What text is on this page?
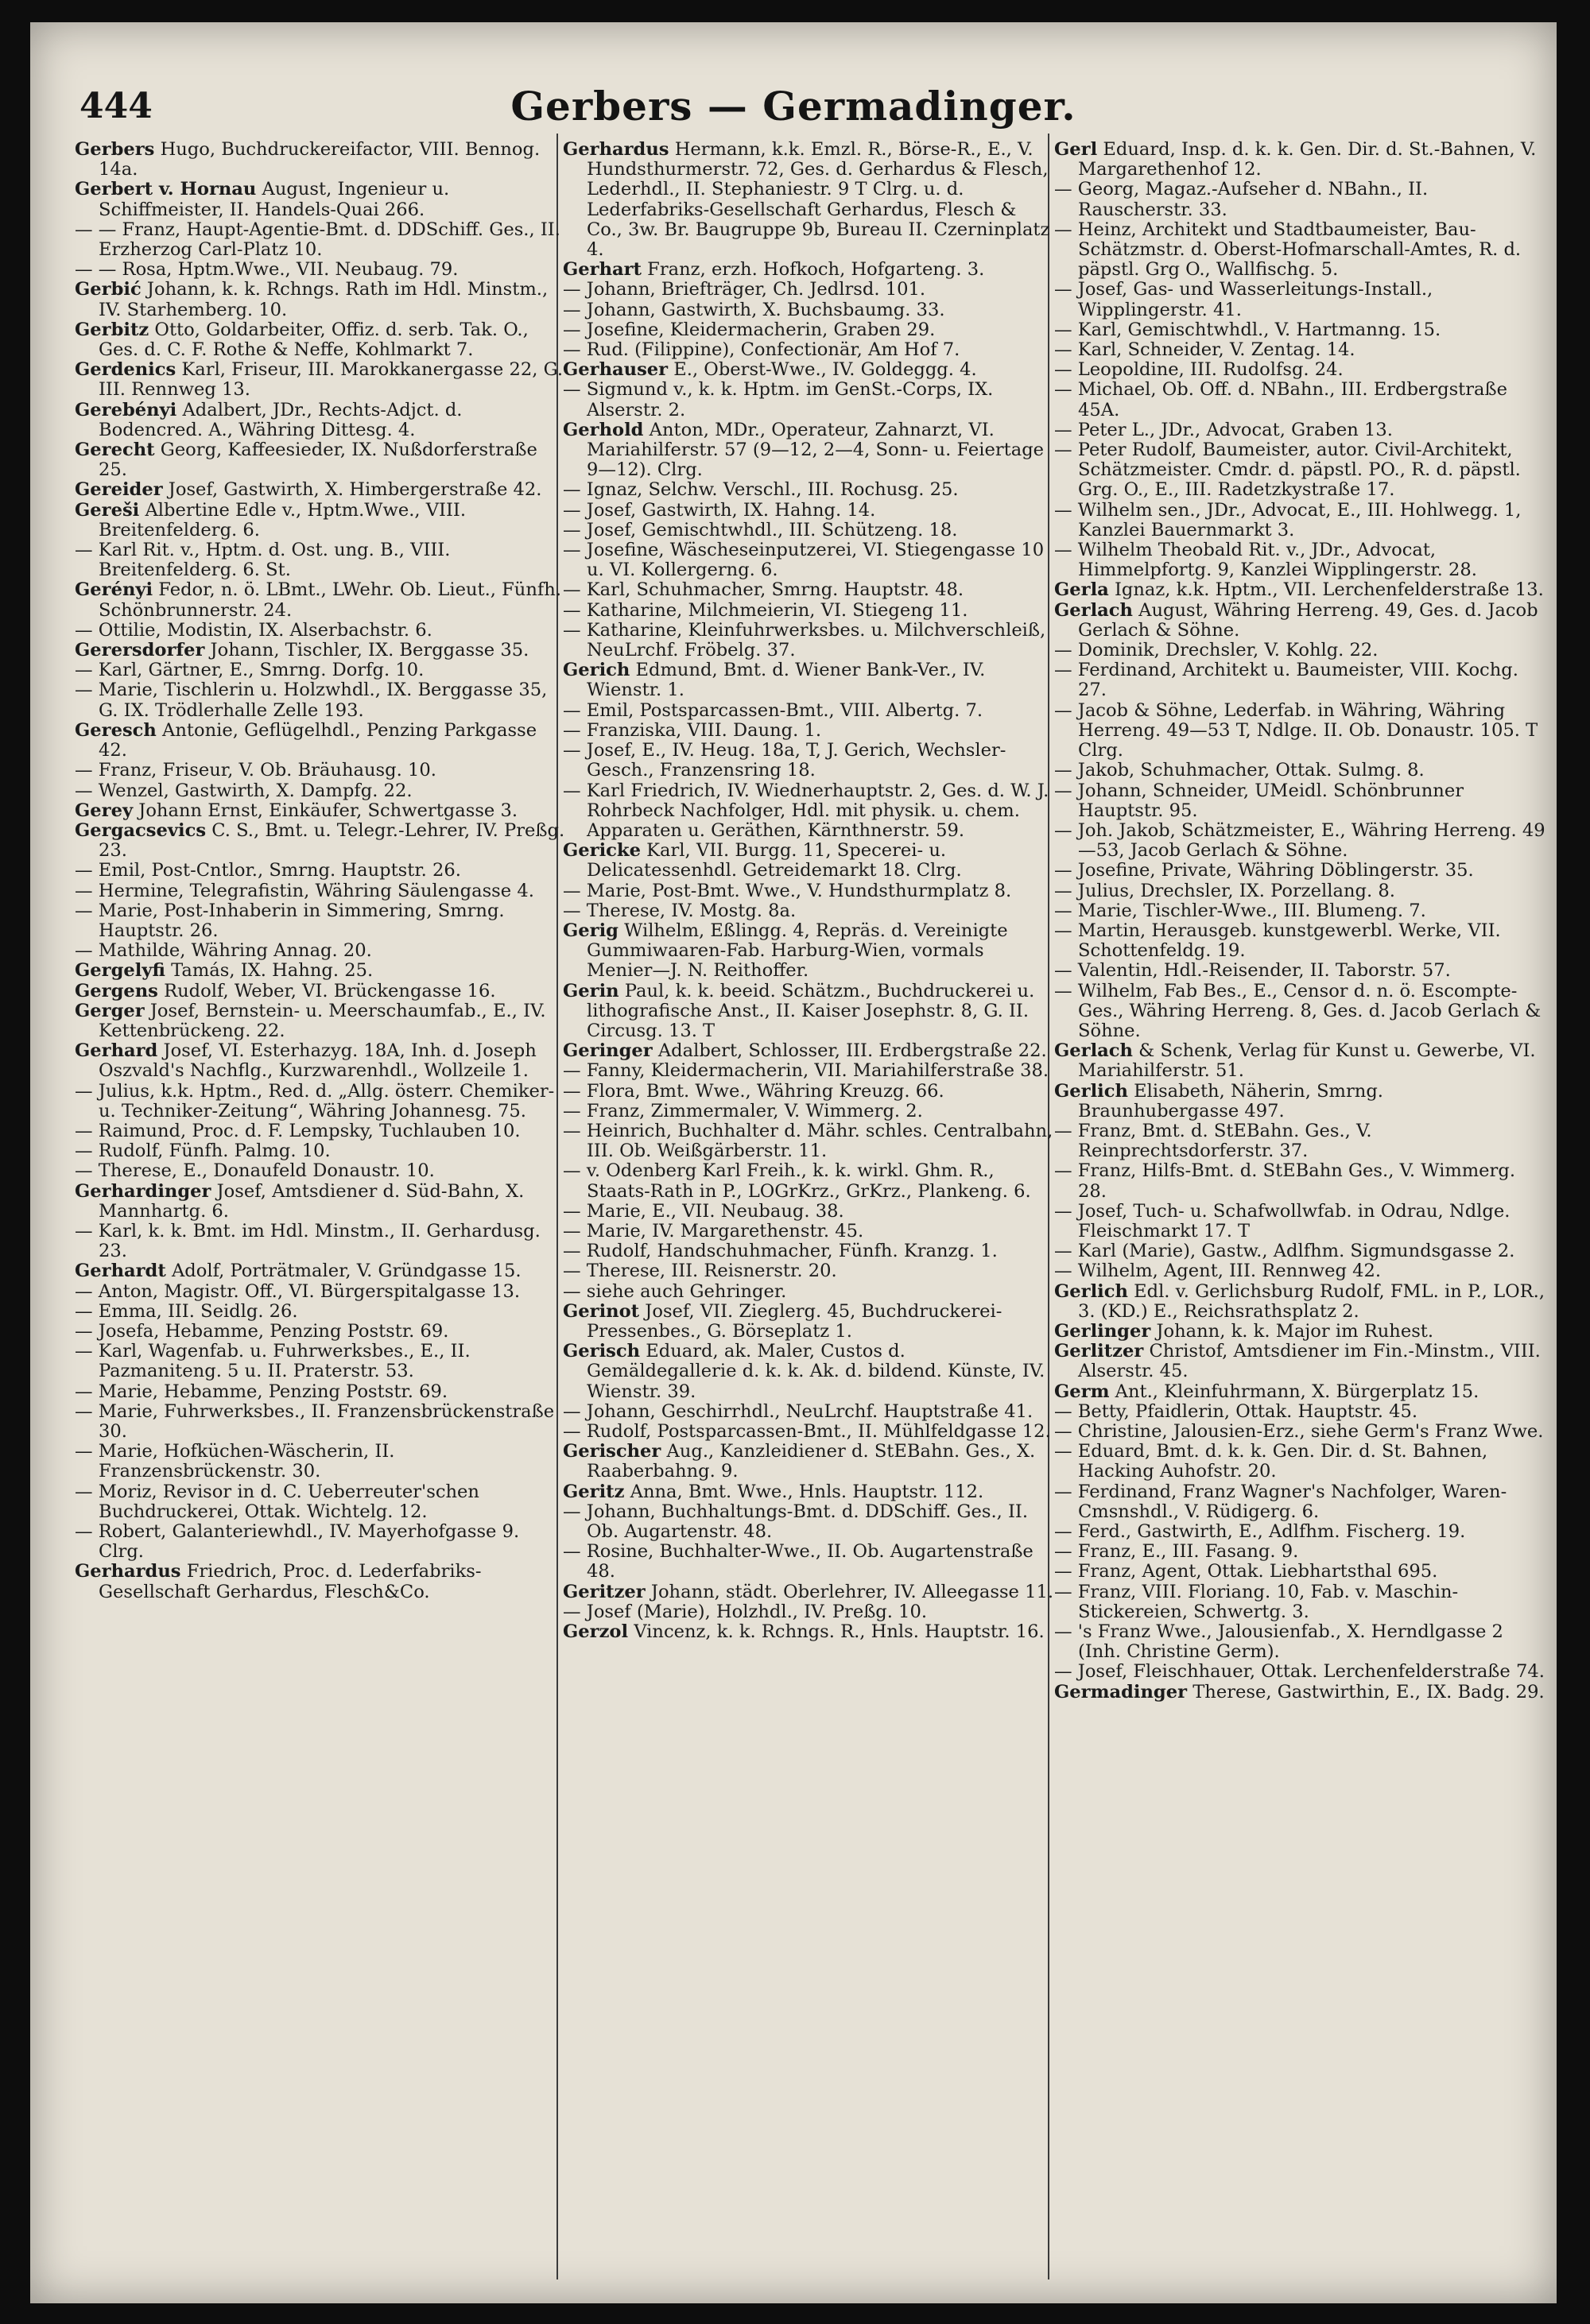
444	Gerbers — Germadinger.

Gerbers Hugo, Buchdruckereifactor, VIII. Bennog. 14a.

Gerbert v. Hornau August, Ingenieur u. Schiffmeister, II. Handels-Quai 266.

— — Franz, Haupt-Agentie-Bmt. d. DDSchiff. Ges., II. Erzherzog Carl-Platz 10.

— — Rosa, Hptm.Wwe., VII. Neubaug. 79.

Gerbić Johann, k. k. Rchngs. Rath im Hdl. Minstm., IV. Starhemberg. 10.

Gerbitz Otto, Goldarbeiter, Offiz. d. serb. Tak. O., Ges. d. C. F. Rothe & Neffe, Kohlmarkt 7.

Gerdenics Karl, Friseur, III. Marokkanergasse 22, G. III. Rennweg 13.

Gerebényi Adalbert, JDr., Rechts-Adjct. d. Bodencred. A., Währing Dittesg. 4.

Gerecht Georg, Kaffeesieder, IX. Nußdorferstraße 25.

Gereider Josef, Gastwirth, X. Himbergerstraße 42.

Gereši Albertine Edle v., Hptm.Wwe., VIII. Breitenfelderg. 6.

— Karl Rit. v., Hptm. d. Ost. ung. B., VIII. Breitenfelderg. 6. St.

Gerényi Fedor, n. ö. LBmt., LWehr. Ob. Lieut., Fünfh. Schönbrunnerstr. 24.

— Ottilie, Modistin, IX. Alserbachstr. 6.

Gerersdorfer Johann, Tischler, IX. Berggasse 35.

— Karl, Gärtner, E., Smrng. Dorfg. 10.

— Marie, Tischlerin u. Holzwhdl., IX. Berggasse 35, G. IX. Trödlerhalle Zelle 193.

Geresch Antonie, Geflügelhdl., Penzing Parkgasse 42.

— Franz, Friseur, V. Ob. Bräuhausg. 10.

— Wenzel, Gastwirth, X. Dampfg. 22.

Gerey Johann Ernst, Einkäufer, Schwertgasse 3.

Gergacsevics C. S., Bmt. u. Telegr.-Lehrer, IV. Preßg. 23.

— Emil, Post-Cntlor., Smrng. Hauptstr. 26.

— Hermine, Telegrafistin, Währing Säulengasse 4.

— Marie, Post-Inhaberin in Simmering, Smrng. Hauptstr. 26.

— Mathilde, Währing Annag. 20.

Gergelyfi Tamás, IX. Hahng. 25.

Gergens Rudolf, Weber, VI. Brückengasse 16.

Gerger Josef, Bernstein- u. Meerschaumfab., E., IV. Kettenbrückeng. 22.

Gerhard Josef, VI. Esterhazyg. 18A, Inh. d. Joseph Oszvald's Nachflg., Kurzwarenhdl., Wollzeile 1.

— Julius, k.k. Hptm., Red. d. „Allg. österr. Chemiker- u. Techniker-Zeitung“, Währing Johannesg. 75.

— Raimund, Proc. d. F. Lempsky, Tuchlauben 10.

— Rudolf, Fünfh. Palmg. 10.

— Therese, E., Donaufeld Donaustr. 10.

Gerhardinger Josef, Amtsdiener d. Süd-Bahn, X. Mannhartg. 6.

— Karl, k. k. Bmt. im Hdl. Minstm., II. Gerhardusg. 23.

Gerhardt Adolf, Porträtmaler, V. Gründgasse 15.

— Anton, Magistr. Off., VI. Bürgerspitalgasse 13.

— Emma, III. Seidlg. 26.

— Josefa, Hebamme, Penzing Poststr. 69.

— Karl, Wagenfab. u. Fuhrwerksbes., E., II. Pazmaniteng. 5 u. II. Praterstr. 53.

— Marie, Hebamme, Penzing Poststr. 69.

— Marie, Fuhrwerksbes., II. Franzensbrückenstraße 30.

— Marie, Hofküchen-Wäscherin, II. Franzensbrückenstr. 30.

— Moriz, Revisor in d. C. Ueberreuter'schen Buchdruckerei, Ottak. Wichtelg. 12.

— Robert, Galanteriewhdl., IV. Mayerhofgasse 9. Clrg.

Gerhardus Friedrich, Proc. d. Lederfabriks-Gesellschaft Gerhardus, Flesch&Co.

Gerhardus Hermann, k.k. Emzl. R., Börse-R., E., V. Hundsthurmerstr. 72, Ges. d. Gerhardus & Flesch, Lederhdl., II. Stephaniestr. 9 T Clrg. u. d. Lederfabriks-Gesellschaft Gerhardus, Flesch & Co., 3w. Br. Baugruppe 9b, Bureau II. Czerninplatz 4.

Gerhart Franz, erzh. Hofkoch, Hofgarteng. 3.

— Johann, Briefträger, Ch. Jedlrsd. 101.

— Johann, Gastwirth, X. Buchsbaumg. 33.

— Josefine, Kleidermacherin, Graben 29.

— Rud. (Filippine), Confectionär, Am Hof 7.

Gerhauser E., Oberst-Wwe., IV. Goldeggg. 4.

— Sigmund v., k. k. Hptm. im GenSt.-Corps, IX. Alserstr. 2.

Gerhold Anton, MDr., Operateur, Zahnarzt, VI. Mariahilferstr. 57 (9—12, 2—4, Sonn- u. Feiertage 9—12). Clrg.

— Ignaz, Selchw. Verschl., III. Rochusg. 25.

— Josef, Gastwirth, IX. Hahng. 14.

— Josef, Gemischtwhdl., III. Schützeng. 18.

— Josefine, Wäscheseinputzerei, VI. Stiegengasse 10 u. VI. Kollergerng. 6.

— Karl, Schuhmacher, Smrng. Hauptstr. 48.

— Katharine, Milchmeierin, VI. Stiegeng 11.

— Katharine, Kleinfuhrwerksbes. u. Milchverschleiß, NeuLrchf. Fröbelg. 37.

Gerich Edmund, Bmt. d. Wiener Bank-Ver., IV. Wienstr. 1.

— Emil, Postsparcassen-Bmt., VIII. Albertg. 7.

— Franziska, VIII. Daung. 1.

— Josef, E., IV. Heug. 18a, T, J. Gerich, Wechsler-Gesch., Franzensring 18.

— Karl Friedrich, IV. Wiednerhauptstr. 2, Ges. d. W. J. Rohrbeck Nachfolger, Hdl. mit physik. u. chem. Apparaten u. Geräthen, Kärnthnerstr. 59.

Gericke Karl, VII. Burgg. 11, Specerei- u. Delicatessenhdl. Getreidemarkt 18. Clrg.

— Marie, Post-Bmt. Wwe., V. Hundsthurmplatz 8.

— Therese, IV. Mostg. 8a.

Gerig Wilhelm, Eßlingg. 4, Repräs. d. Vereinigte Gummiwaaren-Fab. Harburg-Wien, vormals Menier—J. N. Reithoffer.

Gerin Paul, k. k. beeid. Schätzm., Buchdruckerei u. lithografische Anst., II. Kaiser Josephstr. 8, G. II. Circusg. 13. T

Geringer Adalbert, Schlosser, III. Erdbergstraße 22.

— Fanny, Kleidermacherin, VII. Mariahilferstraße 38.

— Flora, Bmt. Wwe., Währing Kreuzg. 66.

— Franz, Zimmermaler, V. Wimmerg. 2.

— Heinrich, Buchhalter d. Mähr. schles. Centralbahn, III. Ob. Weißgärberstr. 11.

— v. Odenberg Karl Freih., k. k. wirkl. Ghm. R., Staats-Rath in P., LOGrKrz., GrKrz., Plankeng. 6.

— Marie, E., VII. Neubaug. 38.

— Marie, IV. Margarethenstr. 45.

— Rudolf, Handschuhmacher, Fünfh. Kranzg. 1.

— Therese, III. Reisnerstr. 20.

— siehe auch Gehringer.

Gerinot Josef, VII. Zieglerg. 45, Buchdruckerei-Pressenbes., G. Börseplatz 1.

Gerisch Eduard, ak. Maler, Custos d. Gemäldegallerie d. k. k. Ak. d. bildend. Künste, IV. Wienstr. 39.

— Johann, Geschirrhdl., NeuLrchf. Hauptstraße 41.

— Rudolf, Postsparcassen-Bmt., II. Mühlfeldgasse 12.

Gerischer Aug., Kanzleidiener d. StEBahn. Ges., X. Raaberbahng. 9.

Geritz Anna, Bmt. Wwe., Hnls. Hauptstr. 112.

— Johann, Buchhaltungs-Bmt. d. DDSchiff. Ges., II. Ob. Augartenstr. 48.

— Rosine, Buchhalter-Wwe., II. Ob. Augartenstraße 48.

Geritzer Johann, städt. Oberlehrer, IV. Alleegasse 11.

— Josef (Marie), Holzhdl., IV. Preßg. 10.

Gerzol Vincenz, k. k. Rchngs. R., Hnls. Hauptstr. 16.

Gerl Eduard, Insp. d. k. k. Gen. Dir. d. St.-Bahnen, V. Margarethenhof 12.

— Georg, Magaz.-Aufseher d. NBahn., II. Rauscherstr. 33.

— Heinz, Architekt und Stadtbaumeister, Bau-Schätzmstr. d. Oberst-Hofmarschall-Amtes, R. d. päpstl. Grg O., Wallfischg. 5.

— Josef, Gas- und Wasserleitungs-Install., Wipplingerstr. 41.

— Karl, Gemischtwhdl., V. Hartmanng. 15.

— Karl, Schneider, V. Zentag. 14.

— Leopoldine, III. Rudolfsg. 24.

— Michael, Ob. Off. d. NBahn., III. Erdbergstraße 45A.

— Peter L., JDr., Advocat, Graben 13.

— Peter Rudolf, Baumeister, autor. Civil-Architekt, Schätzmeister. Cmdr. d. päpstl. PO., R. d. päpstl. Grg. O., E., III. Radetzkystraße 17.

— Wilhelm sen., JDr., Advocat, E., III. Hohlwegg. 1, Kanzlei Bauernmarkt 3.

— Wilhelm Theobald Rit. v., JDr., Advocat, Himmelpfortg. 9, Kanzlei Wipplingerstr. 28.

Gerla Ignaz, k.k. Hptm., VII. Lerchenfelderstraße 13.

Gerlach August, Währing Herreng. 49, Ges. d. Jacob Gerlach & Söhne.

— Dominik, Drechsler, V. Kohlg. 22.

— Ferdinand, Architekt u. Baumeister, VIII. Kochg. 27.

— Jacob & Söhne, Lederfab. in Währing, Währing Herreng. 49—53 T, Ndlge. II. Ob. Donaustr. 105. T Clrg.

— Jakob, Schuhmacher, Ottak. Sulmg. 8.

— Johann, Schneider, UMeidl. Schönbrunner Hauptstr. 95.

— Joh. Jakob, Schätzmeister, E., Währing Herreng. 49—53, Jacob Gerlach & Söhne.

— Josefine, Private, Währing Döblingerstr. 35.

— Julius, Drechsler, IX. Porzellang. 8.

— Marie, Tischler-Wwe., III. Blumeng. 7.

— Martin, Herausgeb. kunstgewerbl. Werke, VII. Schottenfeldg. 19.

— Valentin, Hdl.-Reisender, II. Taborstr. 57.

— Wilhelm, Fab Bes., E., Censor d. n. ö. Escompte-Ges., Währing Herreng. 8, Ges. d. Jacob Gerlach & Söhne.

Gerlach & Schenk, Verlag für Kunst u. Gewerbe, VI. Mariahilferstr. 51.

Gerlich Elisabeth, Näherin, Smrng. Braunhubergasse 497.

— Franz, Bmt. d. StEBahn. Ges., V. Reinprechtsdorferstr. 37.

— Franz, Hilfs-Bmt. d. StEBahn Ges., V. Wimmerg. 28.

— Josef, Tuch- u. Schafwollwfab. in Odrau, Ndlge. Fleischmarkt 17. T

— Karl (Marie), Gastw., Adlfhm. Sigmundsgasse 2.

— Wilhelm, Agent, III. Rennweg 42.

Gerlich Edl. v. Gerlichsburg Rudolf, FML. in P., LOR., 3. (KD.) E., Reichsrathsplatz 2.

Gerlinger Johann, k. k. Major im Ruhest.

Gerlitzer Christof, Amtsdiener im Fin.-Minstm., VIII. Alserstr. 45.

Germ Ant., Kleinfuhrmann, X. Bürgerplatz 15.

— Betty, Pfaidlerin, Ottak. Hauptstr. 45.

— Christine, Jalousien-Erz., siehe Germ's Franz Wwe.

— Eduard, Bmt. d. k. k. Gen. Dir. d. St. Bahnen, Hacking Auhofstr. 20.

— Ferdinand, Franz Wagner's Nachfolger, Waren-Cmsnshdl., V. Rüdigerg. 6.

— Ferd., Gastwirth, E., Adlfhm. Fischerg. 19.

— Franz, E., III. Fasang. 9.

— Franz, Agent, Ottak. Liebhartsthal 695.

— Franz, VIII. Floriang. 10, Fab. v. Maschin-Stickereien, Schwertg. 3.

— 's Franz Wwe., Jalousienfab., X. Herndlgasse 2 (Inh. Christine Germ).

— Josef, Fleischhauer, Ottak. Lerchenfelderstraße 74.

Germadinger Therese, Gastwirthin, E., IX. Badg. 29.
